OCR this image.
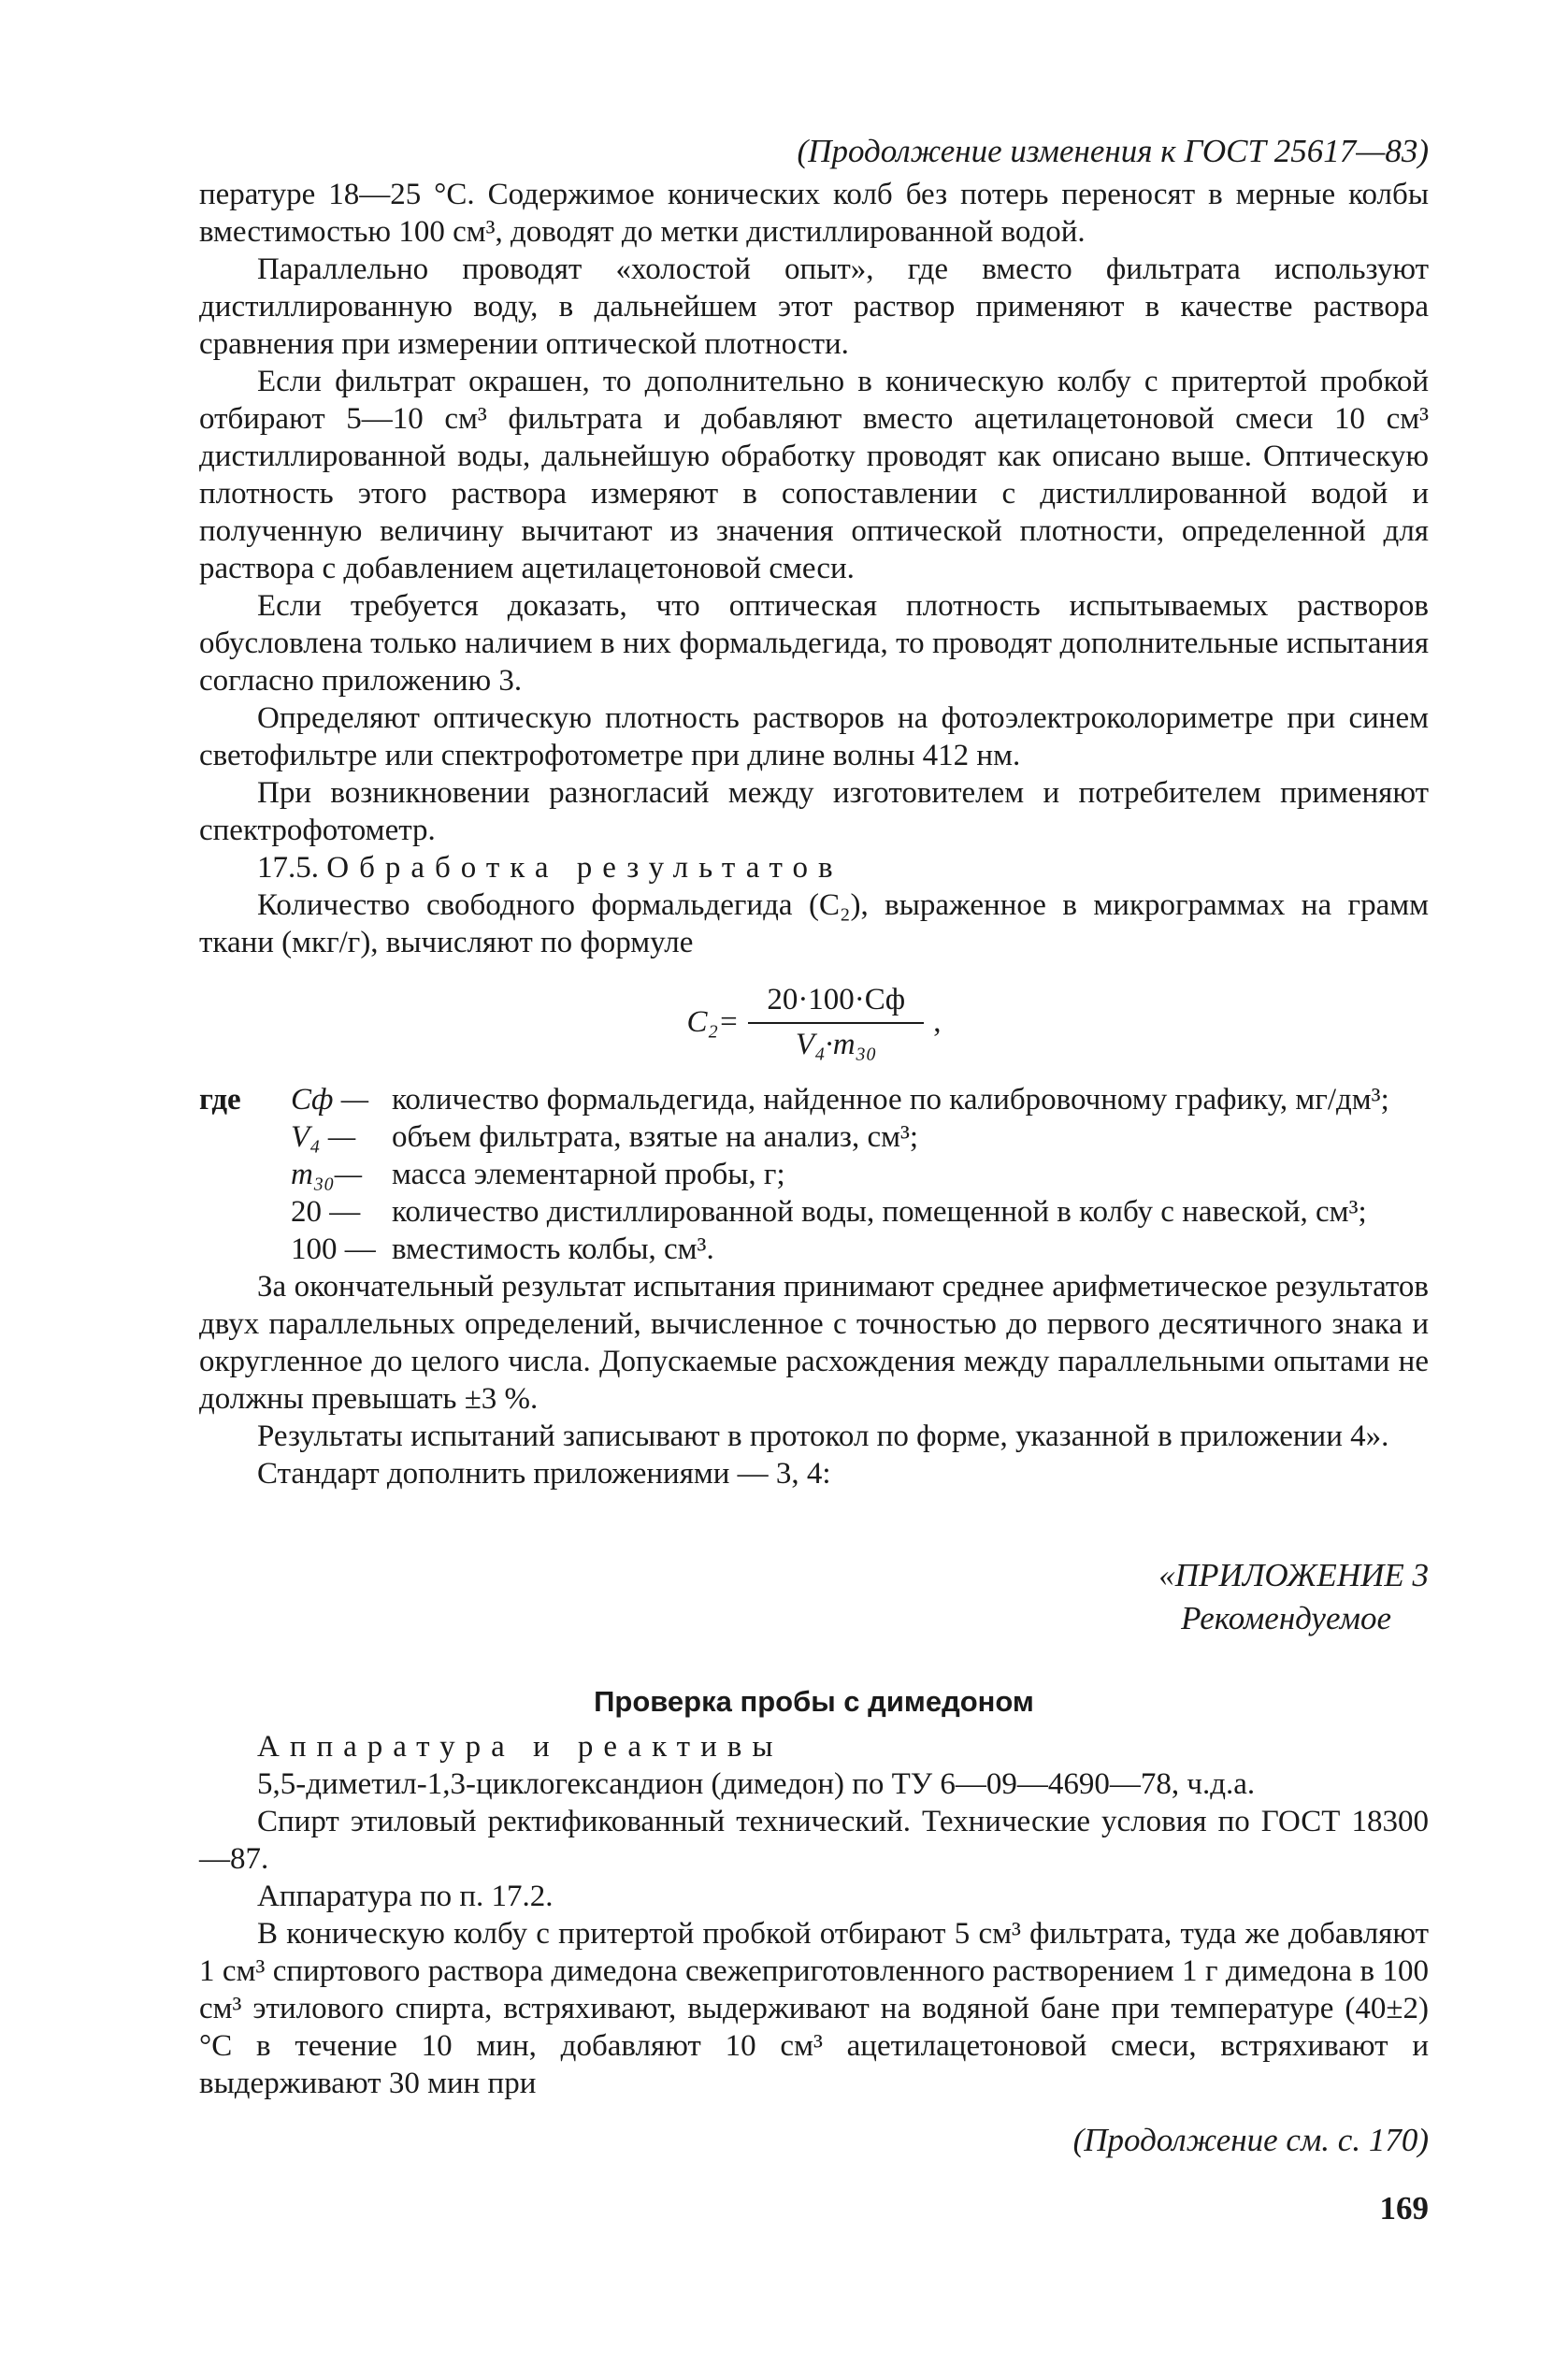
(Продолжение изменения к ГОСТ 25617—83)

пературе 18—25 °С. Содержимое конических колб без потерь переносят в мерные колбы вместимостью 100 см³, доводят до метки дистиллированной водой.

Параллельно проводят «холостой опыт», где вместо фильтрата используют дистиллированную воду, в дальнейшем этот раствор применяют в качестве раствора сравнения при измерении оптической плотности.

Если фильтрат окрашен, то дополнительно в коническую колбу с притертой пробкой отбирают 5—10 см³ фильтрата и добавляют вместо ацетилацетоновой смеси 10 см³ дистиллированной воды, дальнейшую обработку проводят как описано выше. Оптическую плотность этого раствора измеряют в сопоставлении с дистиллированной водой и полученную величину вычитают из значения оптической плотности, определенной для раствора с добавлением ацетилацетоновой смеси.

Если требуется доказать, что оптическая плотность испытываемых растворов обусловлена только наличием в них формальдегида, то проводят дополнительные испытания согласно приложению 3.

Определяют оптическую плотность растворов на фотоэлектроколориметре при синем светофильтре или спектрофотометре при длине волны 412 нм.

При возникновении разногласий между изготовителем и потребителем применяют спектрофотометр.

17.5. Обработка результатов

Количество свободного формальдегида (C₂), выраженное в микрограммах на грамм ткани (мкг/г), вычисляют по формуле

$C_2= \frac{20\cdot 100\cdot Cф}{\text{V₄·m₃₀}}$ ,
где	Cф — количество формальдегида, найденное по калибровочному графику, мг/дм³;
V₄ —	объем фильтрата, взятые на анализ, см³;
m₃₀— масса элементарной пробы, г;
20 —	количество дистиллированной воды, помещенной в колбу с навеской, см³;
100 — вместимость колбы, см³.

За окончательный результат испытания принимают среднее арифметическое результатов двух параллельных определений, вычисленное с точностью до первого десятичного знака и округленное до целого числа. Допускаемые расхождения между параллельными опытами не должны превышать ±3 %.

Результаты испытаний записывают в протокол по форме, указанной в приложении 4».

Стандарт дополнить приложениями — 3, 4:

«ПРИЛОЖЕНИЕ 3
Рекомендуемое
Проверка пробы с димедоном

Аппаратура и реактивы

5,5-диметил-1,3-циклогександион (димедон) по ТУ 6—09—4690—78, ч.д.а.

Спирт этиловый ректификованный технический. Технические условия по ГОСТ 18300—87.

Аппаратура по п. 17.2.

В коническую колбу с притертой пробкой отбирают 5 см³ фильтрата, туда же добавляют 1 см³ спиртового раствора димедона свежеприготовленного растворением 1 г димедона в 100 см³ этилового спирта, встряхивают, выдерживают на водяной бане при температуре (40±2) °С в течение 10 мин, добавляют 10 см³ ацетилацетоновой смеси, встряхивают и выдерживают 30 мин при

(Продолжение см. с. 170)
169
